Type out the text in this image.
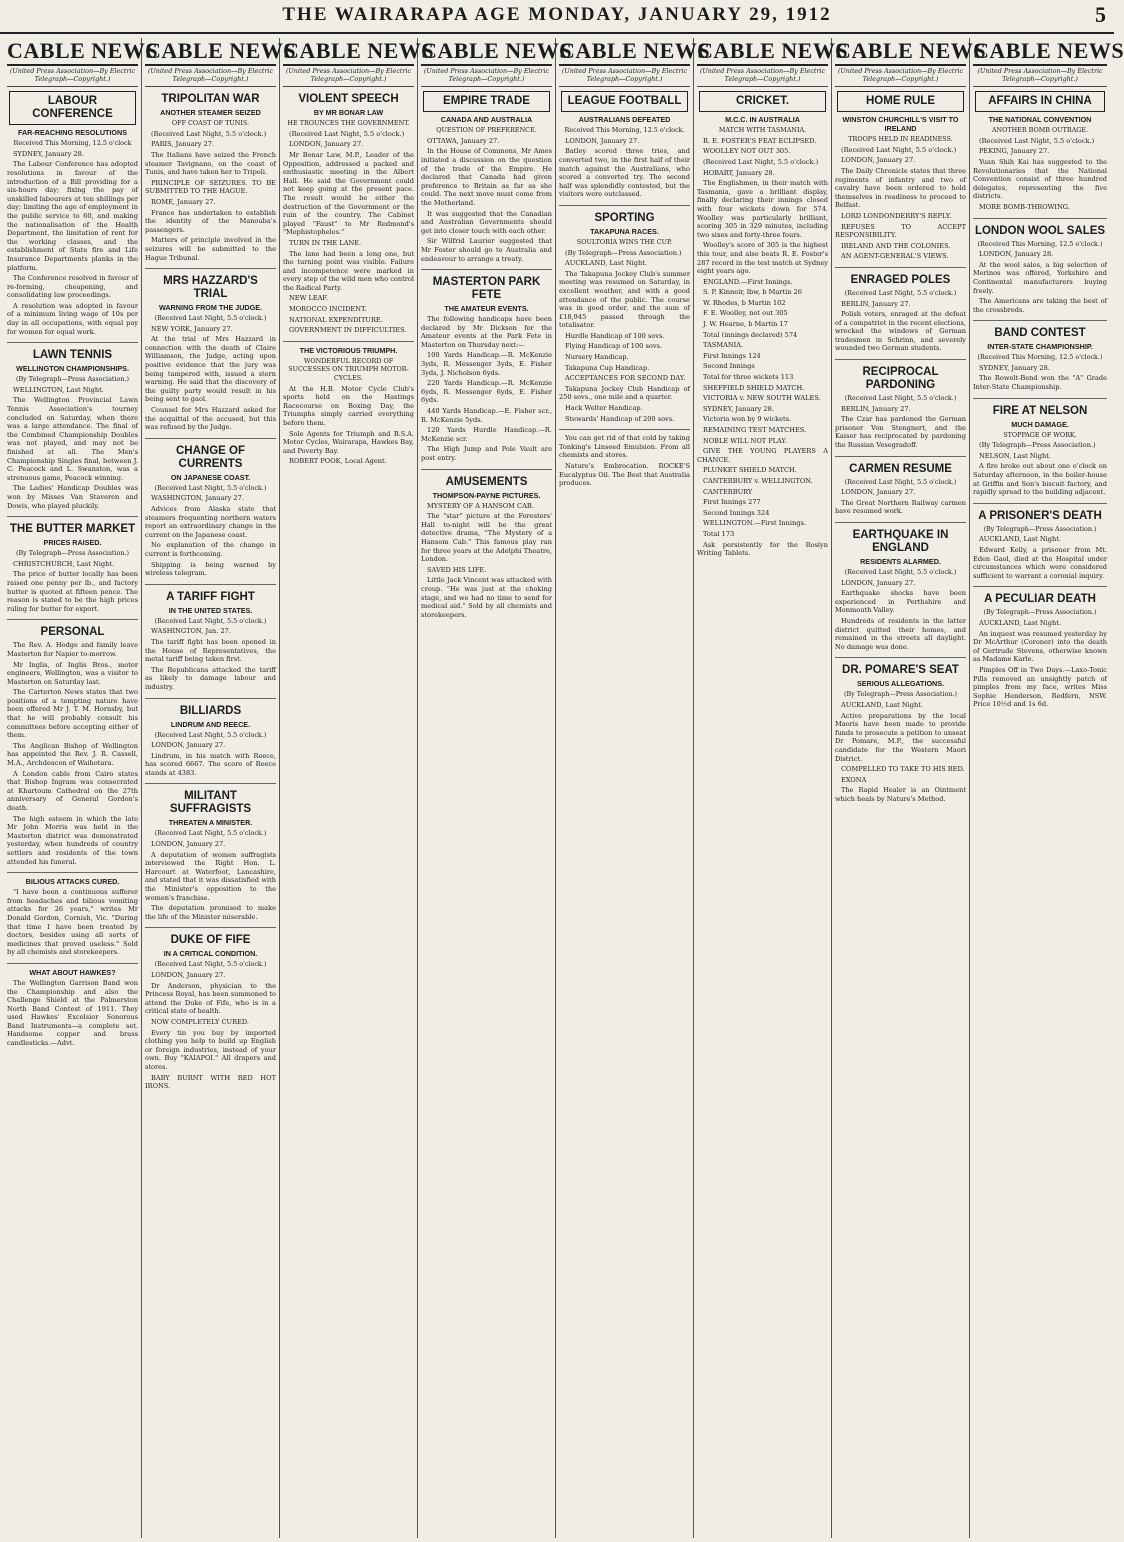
THE WAIRARAPA AGE MONDAY, JANUARY 29, 1912	5
CABLE NEWS
(United Press Association—By Electric Telegraph—Copyright.)
LABOUR CONFERENCE
FAR-REACHING RESOLUTIONS
Received This Morning, 12.5 o'clock

SYDNEY, January 28.

The Labour Conference has adopted resolutions in favour of the introduction of a Bill providing for a six-hours day; fixing the pay of unskilled labourers at ten shillings per day; limiting the age of employment in the public service to 60, and making the nationalisation of the Health Department, the limitation of rent for the working classes, and the establishment of State fire and Life Insurance Departments planks in the platform.

The Conference resolved in favour of re-forming, cheapening, and consolidating law proceedings.

A resolution was adopted in favour of a minimum living wage of 10s per day in all occupations, with equal pay for women for equal work.

LAWN TENNIS
WELLINGTON CHAMPIONSHIPS.
(By Telegraph—Press Association.)

WELLINGTON, Last Night.

The Wellington Provincial Lawn Tennis Association's tourney concluded on Saturday, when there was a large attendance. The final of the Combined Championship Doubles was not played, and may not be finished at all. The Men's Championship Singles final, between J. C. Peacock and L. Swanston, was a strenuous game, Peacock winning.

The Ladies' Handicap Doubles was won by Misses Van Staveren and Dowis, who played pluckily.

THE BUTTER MARKET
PRICES RAISED.
(By Telegraph—Press Association.)

CHRISTCHURCH, Last Night.

The price of butter locally has been raised one penny per lb., and factory butter is quoted at fifteen pence. The reason is stated to be the high prices ruling for butter for export.

PERSONAL

The Rev. A. Hodge and family leave Masterton for Napier to-morrow.

Mr Inglis, of Inglis Bros., motor engineers, Wellington, was a visitor to Masterton on Saturday last.

The Carterton News states that two positions of a tempting nature have been offered Mr J. T. M. Hornsby, but that he will probably consult his committees before accepting either of them.

The Anglican Bishop of Wellington has appointed the Rev. J. R. Cassell, M.A., Archdeacon of Waihotara.

A London cable from Cairo states that Bishop Ingram was consecrated at Khartoum Cathedral on the 27th anniversary of General Gordon's death.

The high esteem in which the late Mr John Morris was held in the Masterton district was demonstrated yesterday, when hundreds of country settlers and residents of the town attended his funeral.

BILIOUS ATTACKS CURED.

"I have been a continuous sufferer from headaches and bilious vomiting attacks for 26 years," writes Mr Donald Gordon, Cornish, Vic. "During that time I have been treated by doctors, besides using all sorts of medicines that proved useless." Sold by all chemists and storekeepers.

WHAT ABOUT HAWKES?

The Wellington Garrison Band won the Championship and also the Challenge Shield at the Palmerston North Band Contest of 1911. They used Hawkes' Excelsior Sonorous Band Instruments—a complete set. Handsome copper and brass candlesticks.—Advt.

CABLE NEWS
(United Press Association—By Electric Telegraph—Copyright.)
TRIPOLITAN WAR
ANOTHER STEAMER SEIZED
OFF COAST OF TUNIS.

(Received Last Night, 5.5 o'clock.)

PARIS, January 27.

The Italians have seized the French steamer Tavignano, on the coast of Tunis, and have taken her to Tripoli.

PRINCIPLE OF SEIZURES. TO BE SUBMITTED TO THE HAGUE.

ROME, January 27.

France has undertaken to establish the identity of the Manouba's passengers.

Matters of principle involved in the seizures will be submitted to the Hague Tribunal.

MRS HAZZARD'S TRIAL
WARNING FROM THE JUDGE.
(Received Last Night, 5.5 o'clock.)

NEW YORK, January 27.

At the trial of Mrs Hazzard in connection with the death of Claire Williamson, the Judge, acting upon positive evidence that the jury was being tampered with, issued a stern warning. He said that the discovery of the guilty party would result in his being sent to gaol.

Counsel for Mrs Hazzard asked for the acquittal of the accused, but this was refused by the Judge.

CHANGE OF CURRENTS
ON JAPANESE COAST.
(Received Last Night, 5.5 o'clock.)

WASHINGTON, January 27.

Advices from Alaska state that steamers frequenting northern waters report an extraordinary change in the current on the Japanese coast.

No explanation of the change in current is forthcoming.

Shipping is being warned by wireless telegram.

A TARIFF FIGHT
IN THE UNITED STATES.
(Received Last Night, 5.5 o'clock.)

WASHINGTON, Jan. 27.

The tariff fight has been opened in the House of Representatives, the metal tariff being taken first.

The Republicans attacked the tariff as likely to damage labour and industry.

BILLIARDS
LINDRUM AND REECE.
(Received Last Night, 5.5 o'clock.)

LONDON, January 27.

Lindrum, in his match with Reece, has scored 6667. The score of Reece stands at 4383.

MILITANT SUFFRAGISTS
THREATEN A MINISTER.
(Received Last Night, 5.5 o'clock.)

LONDON, January 27.

A deputation of women suffragists interviewed the Right Hon. L. Harcourt at Waterfoot, Lancashire, and stated that it was dissatisfied with the Minister's opposition to the women's franchise.

The deputation promised to make the life of the Minister miserable.

DUKE OF FIFE
IN A CRITICAL CONDITION.
(Received Last Night, 5.5 o'clock.)

LONDON, January 27.

Dr Anderson, physician to the Princess Royal, has been summoned to attend the Duke of Fife, who is in a critical state of health.

NOW COMPLETELY CURED.

Every tin you buy by imported clothing you help to build up English or foreign industries, instead of your own. Buy "KAIAPOI." All drapers and stores.

BABY BURNT WITH RED HOT IRONS.

CABLE NEWS
(United Press Association—By Electric Telegraph—Copyright.)
VIOLENT SPEECH
BY MR BONAR LAW
HE TROUNCES THE GOVERNMENT.

(Received Last Night, 5.5 o'clock.)

LONDON, January 27.

Mr Bonar Law, M.P., Leader of the Opposition, addressed a packed and enthusiastic meeting in the Albert Hall. He said the Government could not keep going at the present pace. The result would be either the destruction of the Government or the ruin of the country. The Cabinet played "Faust" to Mr Redmond's "Mephistopheles."

TURN IN THE LANE.

The lane had been a long one, but the turning point was visible. Failure and incompetence were marked in every step of the wild men who control the Radical Party.

NEW LEAF.

MOROCCO INCIDENT.

NATIONAL EXPENDITURE.

GOVERNMENT IN DIFFICULTIES.

THE VICTORIOUS TRIUMPH.
WONDERFUL RECORD OF SUCCESSES ON TRIUMPH MOTOR-CYCLES.

At the H.B. Motor Cycle Club's sports held on the Hastings Racecourse on Boxing Day, the Triumphs simply carried everything before them.

Sole Agents for Triumph and B.S.A. Motor Cycles, Wairarapa, Hawkes Bay, and Poverty Bay.

ROBERT POOK, Local Agent.

CABLE NEWS
(United Press Association—By Electric Telegraph—Copyright.)
EMPIRE TRADE
CANADA AND AUSTRALIA
QUESTION OF PREFERENCE.

OTTAWA, January 27.

In the House of Commons, Mr Ames initiated a discussion on the question of the trade of the Empire. He declared that Canada had given preference to Britain as far as she could. The next move must come from the Motherland.

It was suggested that the Canadian and Australian Governments should get into closer touch with each other.

Sir Wilfrid Laurier suggested that Mr Foster should go to Australia and endeavour to arrange a treaty.

MASTERTON PARK FETE
THE AMATEUR EVENTS.

The following handicaps have been declared by Mr Dickson for the Amateur events at the Park Fete in Masterton on Thursday next:—

100 Yards Handicap.—R. McKenzie 3yds, R. Messenger 3yds, E. Fisher 3yds, J. Nicholson 6yds.

220 Yards Handicap.—R. McKenzie 6yds, R. Messenger 6yds, E. Fisher 6yds.

440 Yards Handicap.—E. Fisher scr., R. McKenzie 5yds.

120 Yards Hurdle Handicap.—R. McKenzie scr.

The High Jump and Pole Vault are post entry.

AMUSEMENTS
THOMPSON-PAYNE PICTURES.

MYSTERY OF A HANSOM CAB.

The "star" picture at the Foresters' Hall to-night will be the great detective drama, "The Mystery of a Hansom Cab." This famous play ran for three years at the Adelphi Theatre, London.

SAVED HIS LIFE.

Little Jack Vincent was attacked with croup. "He was just at the choking stage, and we had no time to send for medical aid." Sold by all chemists and storekeepers.

CABLE NEWS
(United Press Association—By Electric Telegraph—Copyright.)
LEAGUE FOOTBALL
AUSTRALIANS DEFEATED
Received This Morning, 12.5 o'clock.

LONDON, January 27.

Batley scored three tries, and converted two, in the first half of their match against the Australians, who scored a converted try. The second half was splendidly contested, but the visitors were outclassed.

SPORTING
TAKAPUNA RACES.
SOULTORIA WINS THE CUP.

(By Telegraph—Press Association.)

AUCKLAND, Last Night.

The Takapuna Jockey Club's summer meeting was resumed on Saturday, in excellent weather, and with a good attendance of the public. The course was in good order, and the sum of £18,945 passed through the totalisator.

Hurdle Handicap of 100 sovs.

Flying Handicap of 100 sovs.

Nursery Handicap.

Takapuna Cup Handicap.

ACCEPTANCES FOR SECOND DAY.

Takapuna Jockey Club Handicap of 250 sovs., one mile and a quarter.

Hack Welter Handicap.

Stewards' Handicap of 200 sovs.

You can get rid of that cold by taking Tonking's Linseed Emulsion. From all chemists and stores.

Nature's Embrocation. ROCKE'S Eucalyptus Oil. The Best that Australia produces.

CABLE NEWS
(United Press Association—By Electric Telegraph—Copyright.)
CRICKET.
M.C.C. IN AUSTRALIA
MATCH WITH TASMANIA.

R. E. FOSTER'S FEAT ECLIPSED.

WOOLLEY NOT OUT 305.

(Received Last Night, 5.5 o'clock.)

HOBART, January 28.

The Englishmen, in their match with Tasmania, gave a brilliant display, finally declaring their innings closed with four wickets down for 574. Woolley was particularly brilliant, scoring 305 in 329 minutes, including two sixes and forty-three fours.

Woolley's score of 305 is the highest this tour, and also beats R. E. Foster's 287 record in the test match at Sydney eight years ago.

ENGLAND.—First Innings.

S. P. Kinneir, lbw, b Martin 26

W. Rhodes, b Martin 102

F. E. Woolley, not out 305

J. W. Hearne, b Martin 17

Total (innings declared) 574

TASMANIA.

First Innings 124

Second Innings

Total for three wickets 113

SHEFFIELD SHIELD MATCH.

VICTORIA v. NEW SOUTH WALES.

SYDNEY, January 28.

Victoria won by 9 wickets.

REMAINING TEST MATCHES.

NOBLE WILL NOT PLAY.

GIVE THE YOUNG PLAYERS A CHANCE.

PLUNKET SHIELD MATCH.

CANTERBURY v. WELLINGTON.

CANTERBURY

First Innings 277

Second Innings 324

WELLINGTON.—First Innings.

Total 173

Ask persistently for the Roslyn Writing Tablets.

CABLE NEWS
(United Press Association—By Electric Telegraph—Copyright.)
HOME RULE
WINSTON CHURCHILL'S VISIT TO IRELAND
TROOPS HELD IN READINESS.

(Received Last Night, 5.5 o'clock.)

LONDON, January 27.

The Daily Chronicle states that three regiments of infantry and two of cavalry have been ordered to hold themselves in readiness to proceed to Belfast.

LORD LONDONDERRY'S REPLY.

REFUSES TO ACCEPT RESPONSIBILITY.

IRELAND AND THE COLONIES.

AN AGENT-GENERAL'S VIEWS.

ENRAGED POLES
(Received Last Night, 5.5 o'clock.)

BERLIN, January 27.

Polish voters, enraged at the defeat of a compatriot in the recent elections, wrecked the windows of German tradesmen in Schrinn, and severely wounded two German students.

RECIPROCAL PARDONING
(Received Last Night, 5.5 o'clock.)

BERLIN, January 27.

The Czar has pardoned the German prisoner Von Stengnert, and the Kaiser has reciprocated by pardoning the Russian Vesegradoff.

CARMEN RESUME
(Received Last Night, 5.5 o'clock.)

LONDON, January 27.

The Great Northern Railway carmen have resumed work.

EARTHQUAKE IN ENGLAND
RESIDENTS ALARMED.
(Received Last Night, 5.5 o'clock.)

LONDON, January 27.

Earthquake shocks have been experienced in Perthshire and Monmouth Valley.

Hundreds of residents in the latter district quitted their homes, and remained in the streets all daylight. No damage was done.

DR. POMARE'S SEAT
SERIOUS ALLEGATIONS.
(By Telegraph—Press Association.)

AUCKLAND, Last Night.

Active preparations by the local Maoris have been made to provide funds to prosecute a petition to unseat Dr Pomare, M.P., the successful candidate for the Western Maori District.

COMPELLED TO TAKE TO HIS BED.

EXONA

The Rapid Healer is an Ointment which heals by Nature's Method.

CABLE NEWS
(United Press Association—By Electric Telegraph—Copyright.)
AFFAIRS IN CHINA
THE NATIONAL CONVENTION
ANOTHER BOMB OUTRAGE.

(Received Last Night, 5.5 o'clock.)

PEKING, January 27.

Yuan Shih Kai has suggested to the Revolutionaries that the National Convention consist of three hundred delegates, representing the five districts.

MORE BOMB-THROWING.

LONDON WOOL SALES
(Received This Morning, 12.5 o'clock.)

LONDON, January 28.

At the wool sales, a big selection of Merinos was offered, Yorkshire and Continental manufacturers buying freely.

The Americans are taking the best of the crossbreds.

BAND CONTEST
INTER-STATE CHAMPIONSHIP.
(Received This Morning, 12.5 o'clock.)

SYDNEY, January 28.

The Rowelt-Bend won the "A" Grade Inter-State Championship.

FIRE AT NELSON
MUCH DAMAGE.
STOPPAGE OF WORK.

(By Telegraph—Press Association.)

NELSON, Last Night.

A fire broke out about one o'clock on Saturday afternoon, in the boiler-house at Griffin and Son's biscuit factory, and rapidly spread to the building adjacent.

A PRISONER'S DEATH
(By Telegraph—Press Association.)

AUCKLAND, Last Night.

Edward Kelly, a prisoner from Mt. Eden Gaol, died at the Hospital under circumstances which were considered sufficient to warrant a coronial inquiry.

A PECULIAR DEATH
(By Telegraph—Press Association.)

AUCKLAND, Last Night.

An inquest was resumed yesterday by Dr McArthur (Coroner) into the death of Gertrude Stevens, otherwise known as Madame Karle.

Pimples Off in Two Days.—Laxo-Tonic Pills removed an unsightly patch of pimples from my face, writes Miss Sophie Henderson, Redfern, NSW. Price 10½d and 1s 6d.
